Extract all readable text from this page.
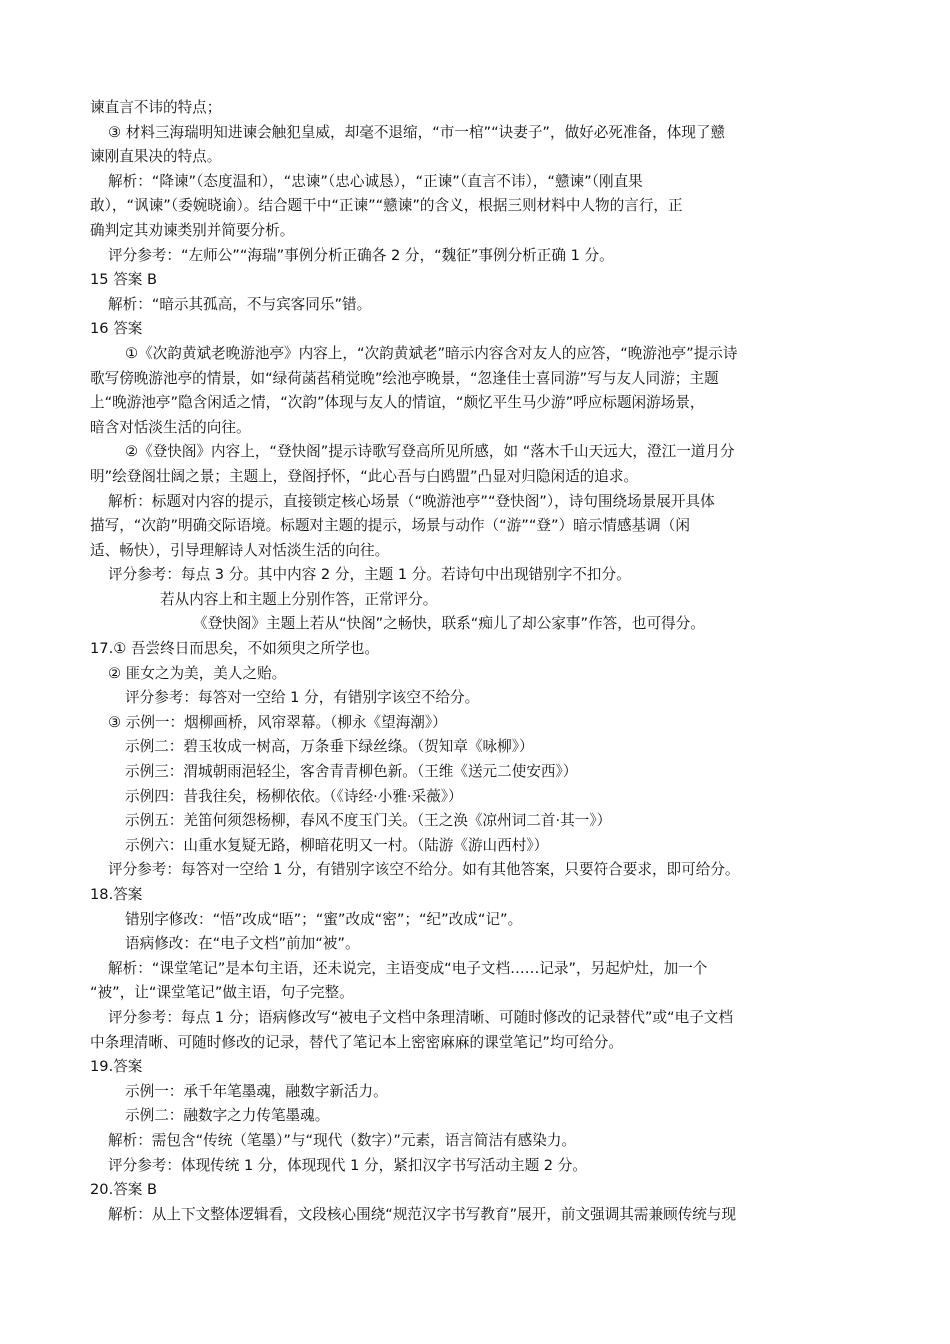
谏直言不讳的特点；
③ 材料三海瑞明知进谏会触犯皇威，却毫不退缩，“市一棺”“诀妻子”，做好必死准备，体现了戆
谏刚直果决的特点。
解析：“降谏”（态度温和），“忠谏”（忠心诚恳），“正谏”（直言不讳），“戆谏”（刚直果
敢），“讽谏”（委婉晓谕）。结合题干中“正谏”“戆谏”的含义，根据三则材料中人物的言行，正
确判定其劝谏类别并简要分析。
评分参考：“左师公”“海瑞”事例分析正确各 2 分，“魏征”事例分析正确 1 分。
15 答案 B
解析：“暗示其孤高，不与宾客同乐”错。
16 答案
①《次韵黄斌老晚游池亭》内容上，“次韵黄斌老”暗示内容含对友人的应答，“晚游池亭”提示诗
歌写傍晚游池亭的情景，如“绿荷菡萏稍觉晚”绘池亭晚景，“忽逢佳士喜同游”写与友人同游；主题
上“晚游池亭”隐含闲适之情，“次韵”体现与友人的情谊，“颇忆平生马少游”呼应标题闲游场景，
暗含对恬淡生活的向往。
②《登快阁》内容上，“登快阁”提示诗歌写登高所见所感，如 “落木千山天远大，澄江一道月分
明”绘登阁壮阔之景；主题上，登阁抒怀，“此心吾与白鸥盟”凸显对归隐闲适的追求。
解析：标题对内容的提示，直接锁定核心场景（“晚游池亭”“登快阁”），诗句围绕场景展开具体
描写，“次韵”明确交际语境。标题对主题的提示，场景与动作（“游”“登”）暗示情感基调（闲
适、畅快），引导理解诗人对恬淡生活的向往。
评分参考：每点 3 分。其中内容 2 分，主题 1 分。若诗句中出现错别字不扣分。
若从内容上和主题上分别作答，正常评分。
《登快阁》主题上若从“快阁”之畅快，联系“痴儿了却公家事”作答，也可得分。
17.① 吾尝终日而思矣，不如须臾之所学也。
② 匪女之为美，美人之贻。
评分参考：每答对一空给 1 分，有错别字该空不给分。
③ 示例一：烟柳画桥，风帘翠幕。（柳永《望海潮》）
示例二：碧玉妆成一树高，万条垂下绿丝绦。（贺知章《咏柳》）
示例三：渭城朝雨浥轻尘，客舍青青柳色新。（王维《送元二使安西》）
示例四：昔我往矣，杨柳依依。（《诗经·小雅·采薇》）
示例五：羌笛何须怨杨柳，春风不度玉门关。（王之涣《凉州词二首·其一》）
示例六：山重水复疑无路，柳暗花明又一村。（陆游《游山西村》）
评分参考：每答对一空给 1 分，有错别字该空不给分。如有其他答案，只要符合要求，即可给分。
18.答案
错别字修改：“悟”改成“晤”；“蜜”改成“密”；“纪”改成“记”。
语病修改：在“电子文档”前加“被”。
解析：“课堂笔记”是本句主语，还未说完，主语变成“电子文档……记录”，另起炉灶，加一个
“被”，让“课堂笔记”做主语，句子完整。
评分参考：每点 1 分；语病修改写“被电子文档中条理清晰、可随时修改的记录替代”或“电子文档
中条理清晰、可随时修改的记录，替代了笔记本上密密麻麻的课堂笔记”均可给分。
19.答案
示例一：承千年笔墨魂，融数字新活力。
示例二：融数字之力传笔墨魂。
解析：需包含“传统（笔墨）”与“现代（数字）”元素，语言简洁有感染力。
评分参考：体现传统 1 分，体现现代 1 分，紧扣汉字书写活动主题 2 分。
20.答案 B
解析：从上下文整体逻辑看，文段核心围绕“规范汉字书写教育”展开，前文强调其需兼顾传统与现
